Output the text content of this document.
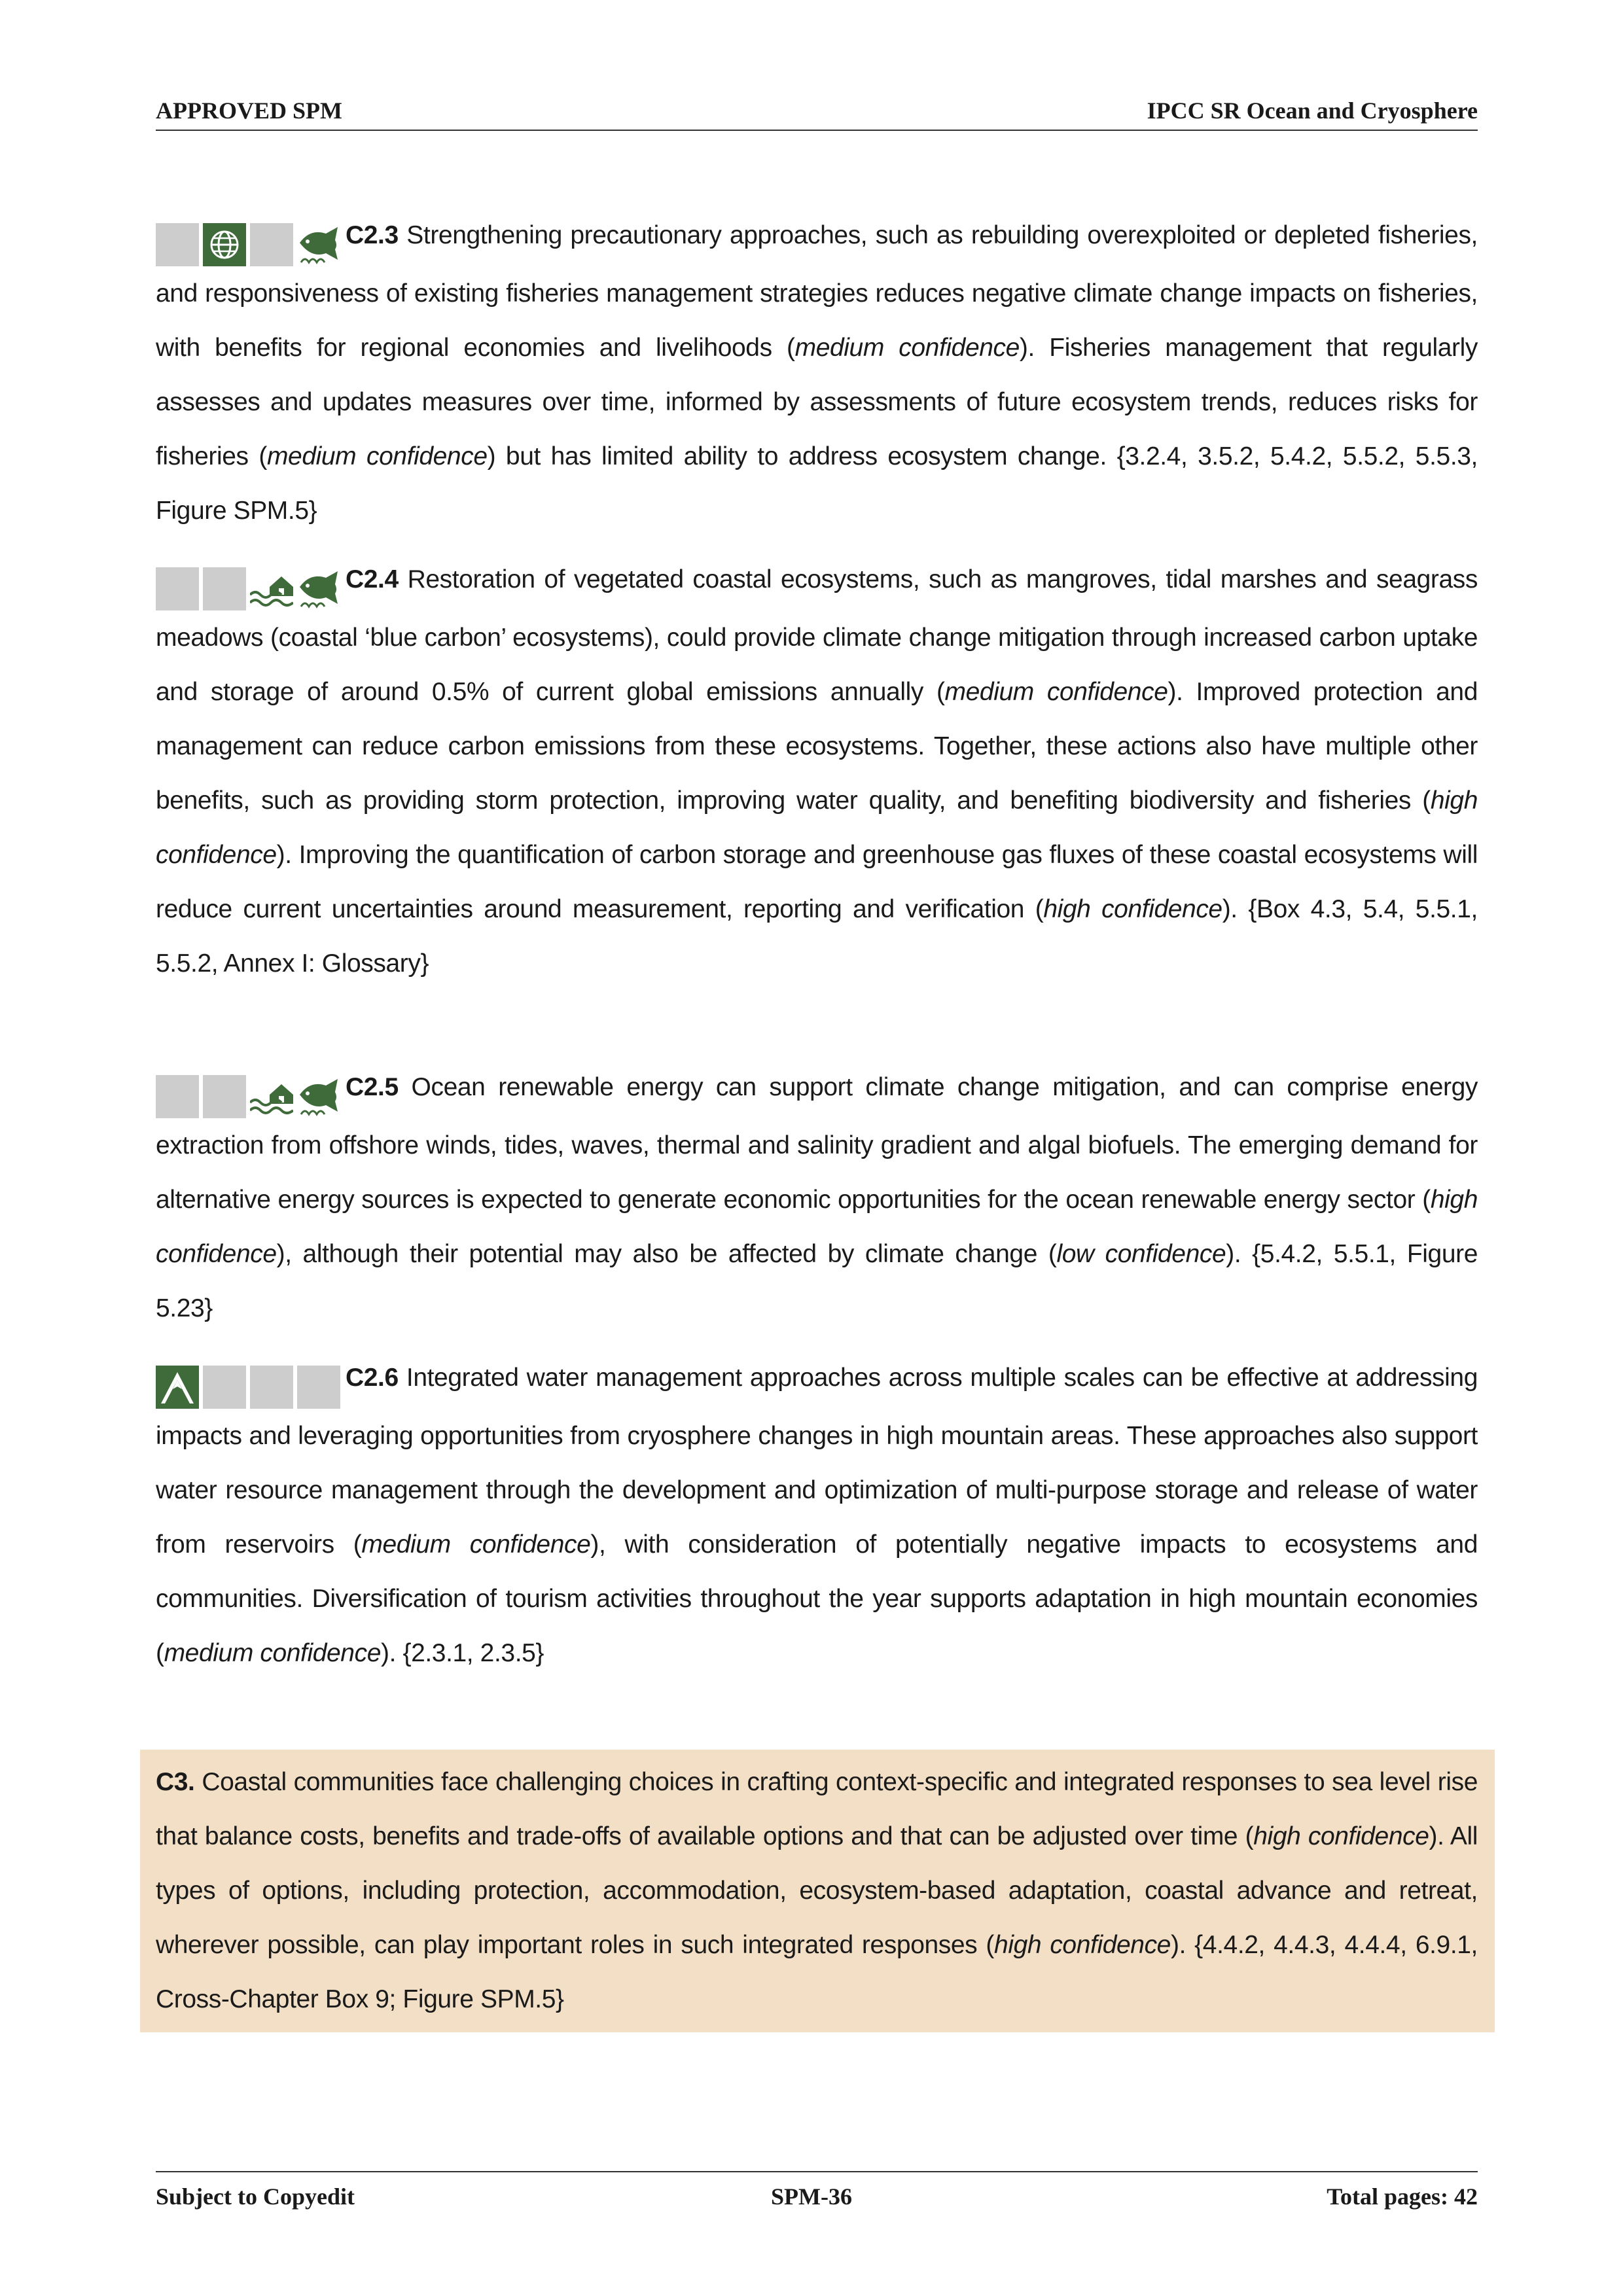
APPROVED SPM	IPCC SR Ocean and Cryosphere
C2.3 Strengthening precautionary approaches, such as rebuilding overexploited or depleted fisheries, and responsiveness of existing fisheries management strategies reduces negative climate change impacts on fisheries, with benefits for regional economies and livelihoods (medium confidence). Fisheries management that regularly assesses and updates measures over time, informed by assessments of future ecosystem trends, reduces risks for fisheries (medium confidence) but has limited ability to address ecosystem change. {3.2.4, 3.5.2, 5.4.2, 5.5.2, 5.5.3, Figure SPM.5}
C2.4 Restoration of vegetated coastal ecosystems, such as mangroves, tidal marshes and seagrass meadows (coastal ‘blue carbon’ ecosystems), could provide climate change mitigation through increased carbon uptake and storage of around 0.5% of current global emissions annually (medium confidence). Improved protection and management can reduce carbon emissions from these ecosystems. Together, these actions also have multiple other benefits, such as providing storm protection, improving water quality, and benefiting biodiversity and fisheries (high confidence). Improving the quantification of carbon storage and greenhouse gas fluxes of these coastal ecosystems will reduce current uncertainties around measurement, reporting and verification (high confidence). {Box 4.3, 5.4, 5.5.1, 5.5.2, Annex I: Glossary}
C2.5 Ocean renewable energy can support climate change mitigation, and can comprise energy extraction from offshore winds, tides, waves, thermal and salinity gradient and algal biofuels. The emerging demand for alternative energy sources is expected to generate economic opportunities for the ocean renewable energy sector (high confidence), although their potential may also be affected by climate change (low confidence). {5.4.2, 5.5.1, Figure 5.23}
C2.6 Integrated water management approaches across multiple scales can be effective at addressing impacts and leveraging opportunities from cryosphere changes in high mountain areas. These approaches also support water resource management through the development and optimization of multi-purpose storage and release of water from reservoirs (medium confidence), with consideration of potentially negative impacts to ecosystems and communities. Diversification of tourism activities throughout the year supports adaptation in high mountain economies (medium confidence). {2.3.1, 2.3.5}
C3. Coastal communities face challenging choices in crafting context-specific and integrated responses to sea level rise that balance costs, benefits and trade-offs of available options and that can be adjusted over time (high confidence). All types of options, including protection, accommodation, ecosystem-based adaptation, coastal advance and retreat, wherever possible, can play important roles in such integrated responses (high confidence). {4.4.2, 4.4.3, 4.4.4, 6.9.1, Cross-Chapter Box 9; Figure SPM.5}
Subject to Copyedit	SPM-36	Total pages: 42
